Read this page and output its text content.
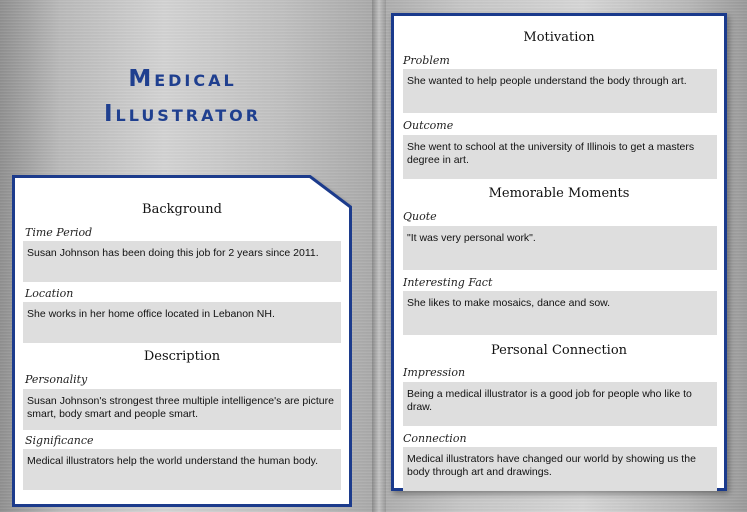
Medical
Illustrator
Background
Time Period
Susan Johnson has been doing this job for 2 years since 2011.
Location
She works in her home office located in Lebanon NH.
Description
Personality
Susan Johnson's strongest three multiple intelligence's are picture smart, body smart and people smart.
Significance
Medical illustrators help the world understand the human body.
Motivation
Problem
She wanted to help people understand the body through art.
Outcome
She went to school at the university of Illinois to get a masters degree in art.
Memorable Moments
Quote
"It was very personal work".
Interesting Fact
She likes to make mosaics, dance and sow.
Personal Connection
Impression
Being a medical illustrator is a good job for people who like to draw.
Connection
Medical illustrators have changed our world by showing us the body through art and drawings.
